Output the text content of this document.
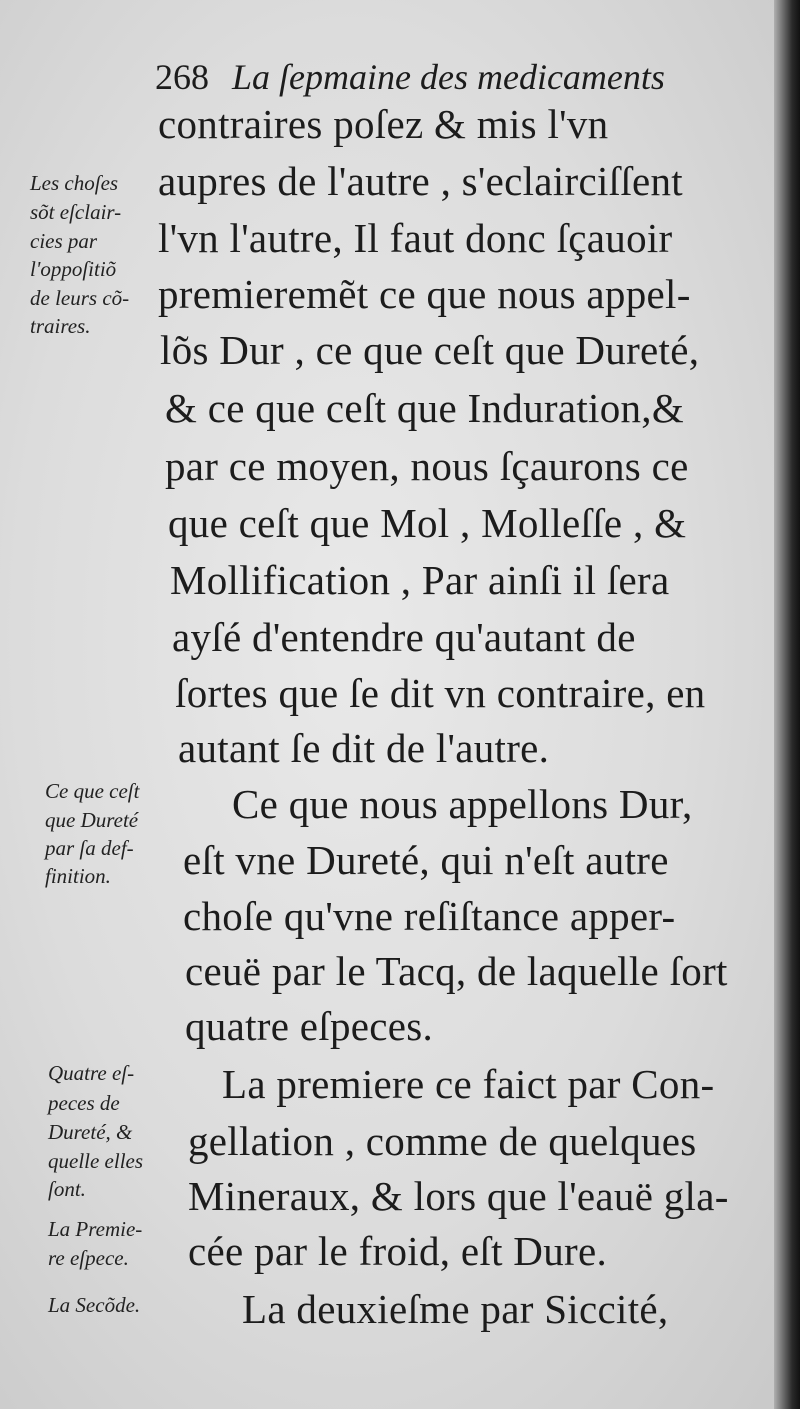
268 La ſepmaine des medicaments
contraires poſez & mis l'vn
aupres de l'autre , s'eclairciſſent
l'vn l'autre, Il faut donc ſçauoir
premieremẽt ce que nous appel-
lõs Dur , ce que ceſt que Dureté,
& ce que ceſt que Induration,&
par ce moyen, nous ſçaurons ce
que ceſt que Mol , Molleſſe , &
Mollification , Par ainſi il ſera
ayſé d'entendre qu'autant de
ſortes que ſe dit vn contraire, en
autant ſe dit de l'autre.
Ce que nous appellons Dur,
eſt vne Dureté, qui n'eſt autre
choſe qu'vne reſiſtance apper-
ceuë par le Tacq, de laquelle ſort
quatre eſpeces.
La premiere ce faict par Con-
gellation , comme de quelques
Mineraux, & lors que l'eauë gla-
cée par le froid, eſt Dure.
La deuxieſme par Siccité,
Les choſes
sõt eſclair-
cies par
l'oppoſitiõ
de leurs cõ-
traires.
Ce que ceſt
que Dureté
par ſa def-
finition.
Quatre eſ-
peces de
Dureté, &
quelle elles
ſont.
La Premie-
re eſpece.
La Secõde.
